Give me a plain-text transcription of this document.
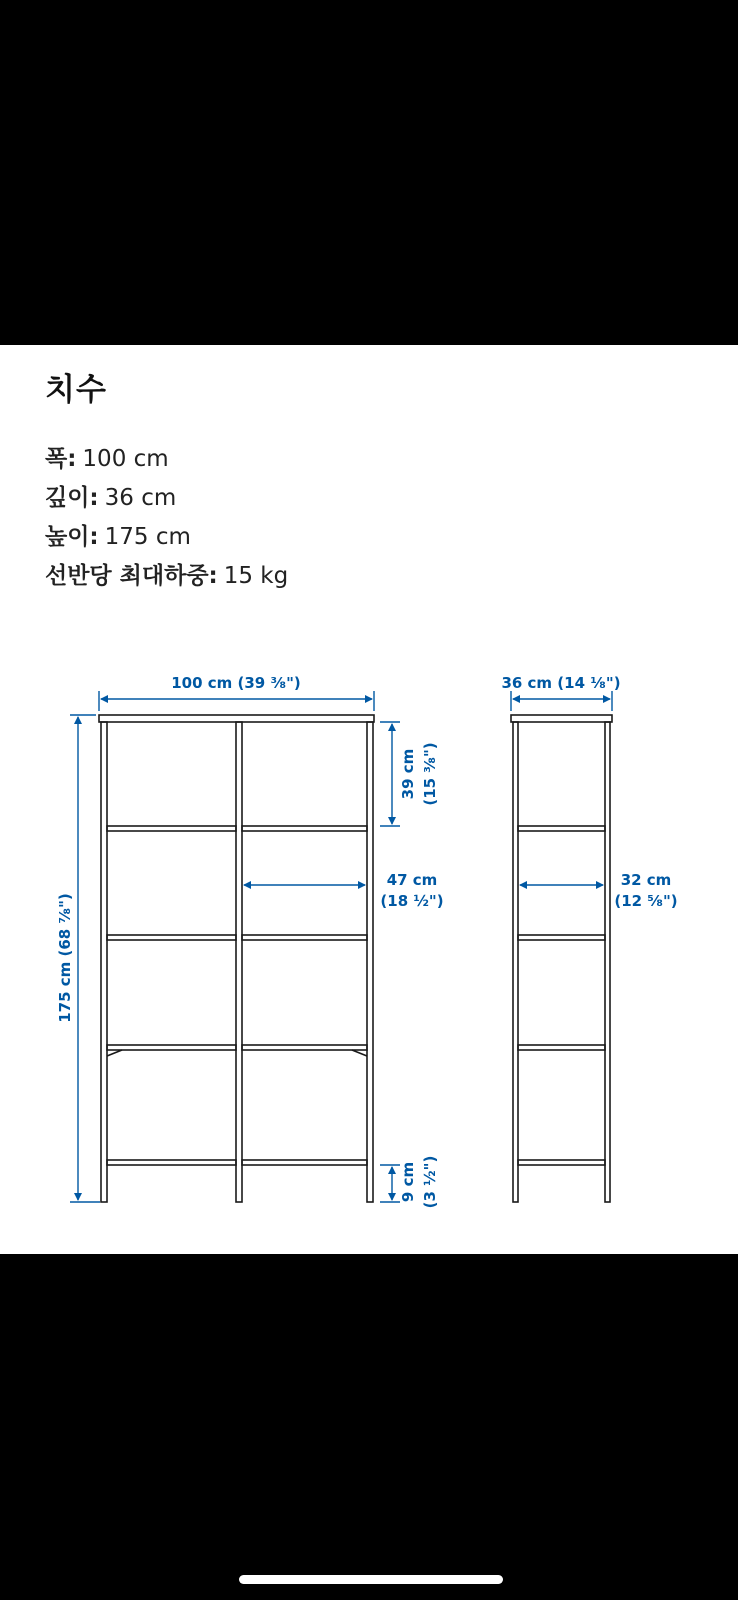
치수
폭: 100 cm
깊이: 36 cm
높이: 175 cm
선반당 최대하중: 15 kg
100 cm (39 ³⁄₈")
175 cm (68 ⁷⁄₈")
39 cm (15 ³⁄₈")
47 cm
(18 ½")
9 cm (3 ½")
36 cm (14 ¹⁄₈")
32 cm
(12 ⁵⁄₈")
